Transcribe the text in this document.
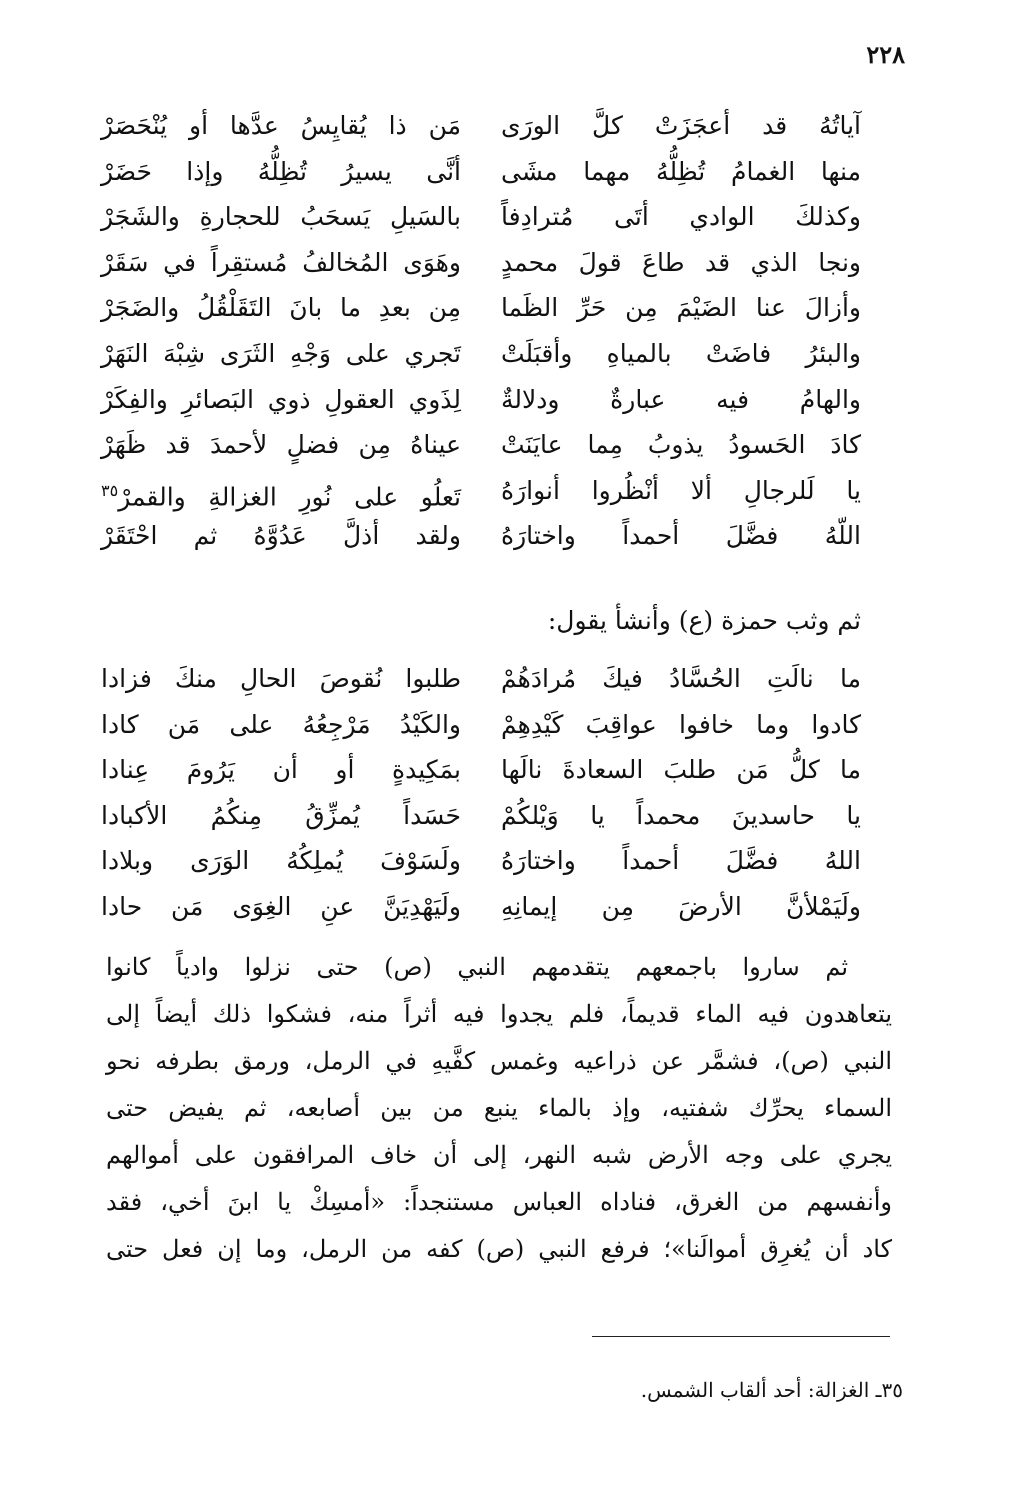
٢٢٨
آياتُهُ قد أعجَزَتْ كلَّ الورَى
مَن ذا يُقايِسُ عدَّها أو يُنْحَصَرْ
منها الغمامُ تُظِلُّهُ مهما مشَى
أنَّى يسيرُ تُظِلُّهُ وإذا حَضَرْ
وكذلكَ الوادي أتَى مُترادِفاً
بالسَيلِ يَسحَبُ للحجارةِ والشَجَرْ
ونجا الذي قد طاعَ قولَ محمدٍ
وهَوَى المُخالفُ مُستقِراً في سَقَرْ
وأزالَ عنا الضَيْمَ مِن حَرِّ الظَما
مِن بعدِ ما بانَ التَقَلْقُلُ والضَجَرْ
والبئرُ فاضَتْ بالمياهِ وأقبَلَتْ
تَجري على وَجْهِ الثَرَى شِبْهَ النَهَرْ
والهامُ فيه عبارةٌ ودلالةٌ
لِذَوي العقولِ ذوي البَصائرِ والفِكَرْ
كادَ الحَسودُ يذوبُ مِما عايَنَتْ
عيناهُ مِن فضلٍ لأحمدَ قد ظَهَرْ
يا لَلرجالِ ألا أنْظُروا أنوارَهُ
تَعلُو على نُورِ الغزالةِ والقمرْ$^{٣٥}$
اللّهُ فضَّلَ أحمداً واختارَهُ
ولقد أذلَّ عَدُوَّهُ ثم احْتَقَرْ
ثم وثب حمزة (ع) وأنشأ يقول:
ما نالَتِ الحُسَّادُ فيكَ مُرادَهُمْ
طلبوا نُقوصَ الحالِ منكَ فزادا
كادوا وما خافوا عواقِبَ كَيْدِهِمْ
والكَيْدُ مَرْجِعُهُ على مَن كادا
ما كلُّ مَن طلبَ السعادةَ نالَها
بمَكِيدةٍ أو أن يَرُومَ عِنادا
يا حاسدينَ محمداً يا وَيْلكُمْ
حَسَداً يُمزِّقُ مِنكُمُ الأكبادا
اللهُ فضَّلَ أحمداً واختارَهُ
ولَسَوْفَ يُملِكُهُ الوَرَى وبلادا
ولَيَمْلأنَّ الأرضَ مِن إيمانِهِ
ولَيَهْدِيَنَّ عنِ الغِوَى مَن حادا
ثم ساروا باجمعهم يتقدمهم النبي (ص) حتى نزلوا وادياً كانوا
يتعاهدون فيه الماء قديماً، فلم يجدوا فيه أثراً منه، فشكوا ذلك أيضاً إلى
النبي (ص)، فشمَّر عن ذراعيه وغمس كفَّيهِ في الرمل، ورمق بطرفه نحو
السماء يحرِّك شفتيه، وإذ بالماء ينبع من بين أصابعه، ثم يفيض حتى
يجري على وجه الأرض شبه النهر، إلى أن خاف المرافقون على أموالهم
وأنفسهم من الغرق، فناداه العباس مستنجداً: «أمسِكْ يا ابنَ أخي، فقد
كاد أن يُغرِق أموالَنا»؛ فرفع النبي (ص) كفه من الرمل، وما إن فعل حتى
٣٥ـ الغزالة: أحد ألقاب الشمس.
